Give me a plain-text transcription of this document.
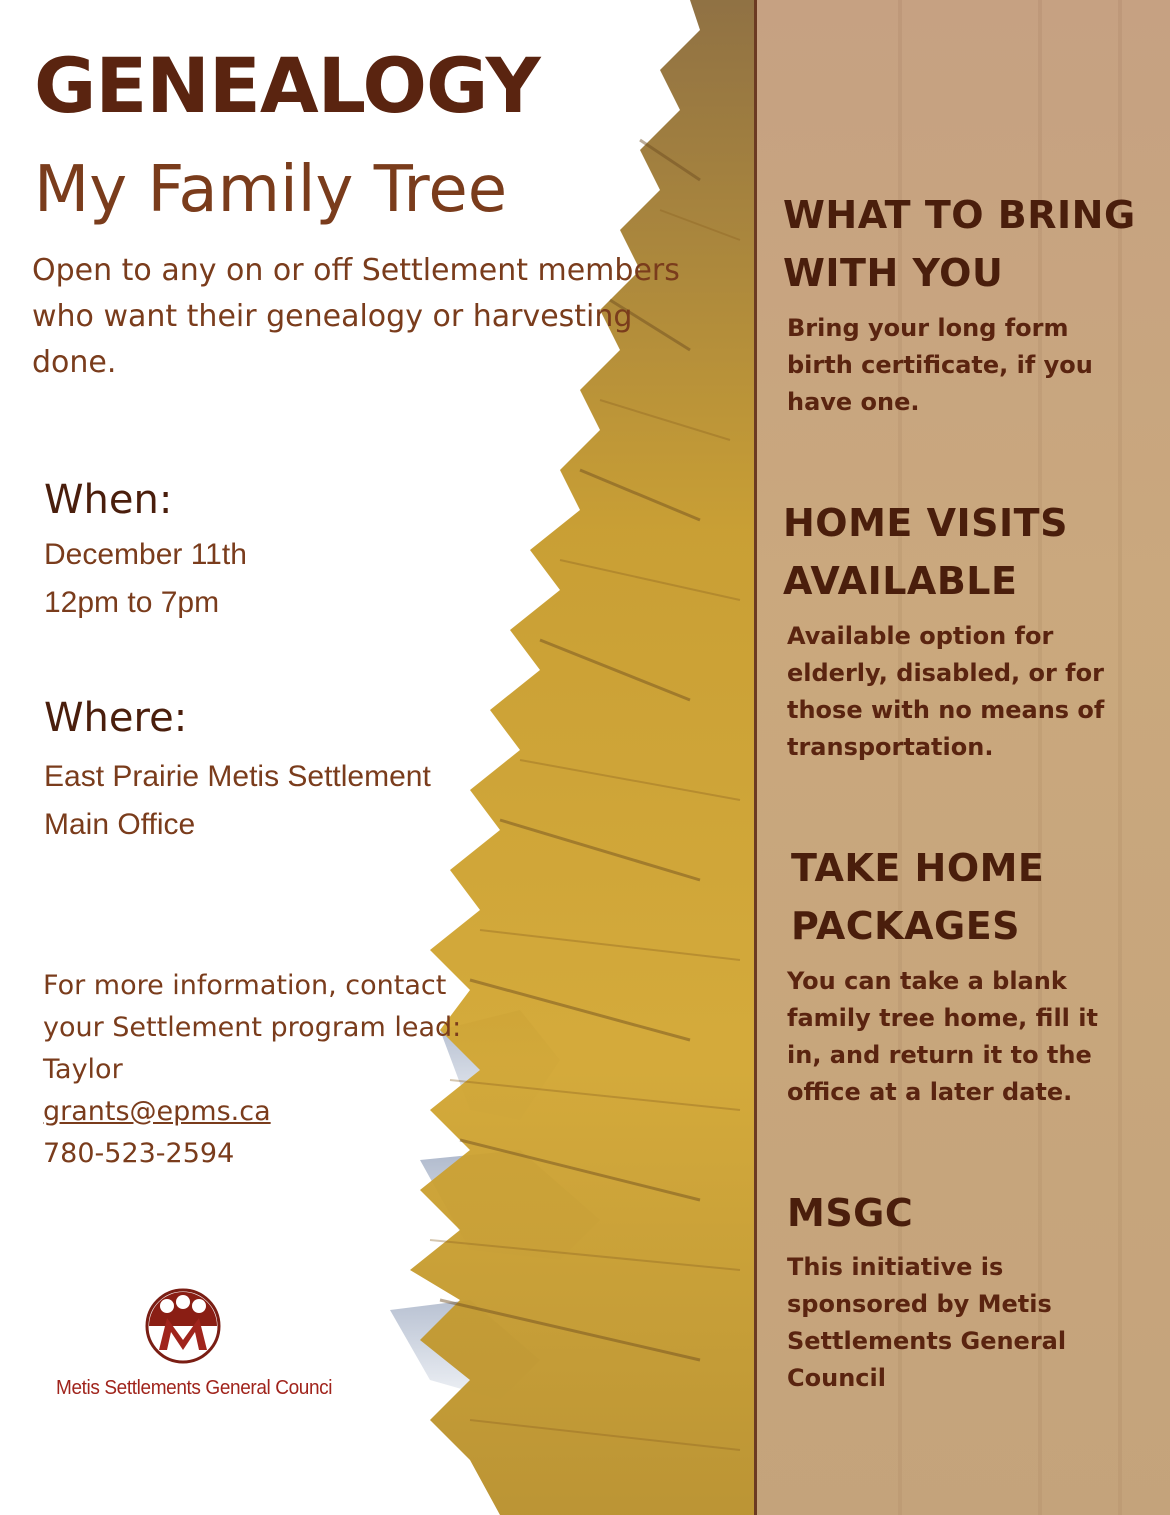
GENEALOGY
My Family Tree

Open to any on or off Settlement members who want their genealogy or harvesting done.

When:

December 11th

12pm to 7pm

Where:

East Prairie Metis Settlement

Main Office

For more information, contact

your Settlement program lead:

Taylor

grants@epms.ca

780-523-2594

Metis Settlements General Counci

WHAT TO BRING

WITH YOU

Bring your long form birth certificate, if you have one.

HOME VISITS

AVAILABLE

Available option for elderly, disabled, or for those with no means of transportation.

TAKE HOME

PACKAGES

You can take a blank family tree home, fill it in, and return it to the office at a later date.

MSGC

This initiative is sponsored by Metis Settlements General Council
